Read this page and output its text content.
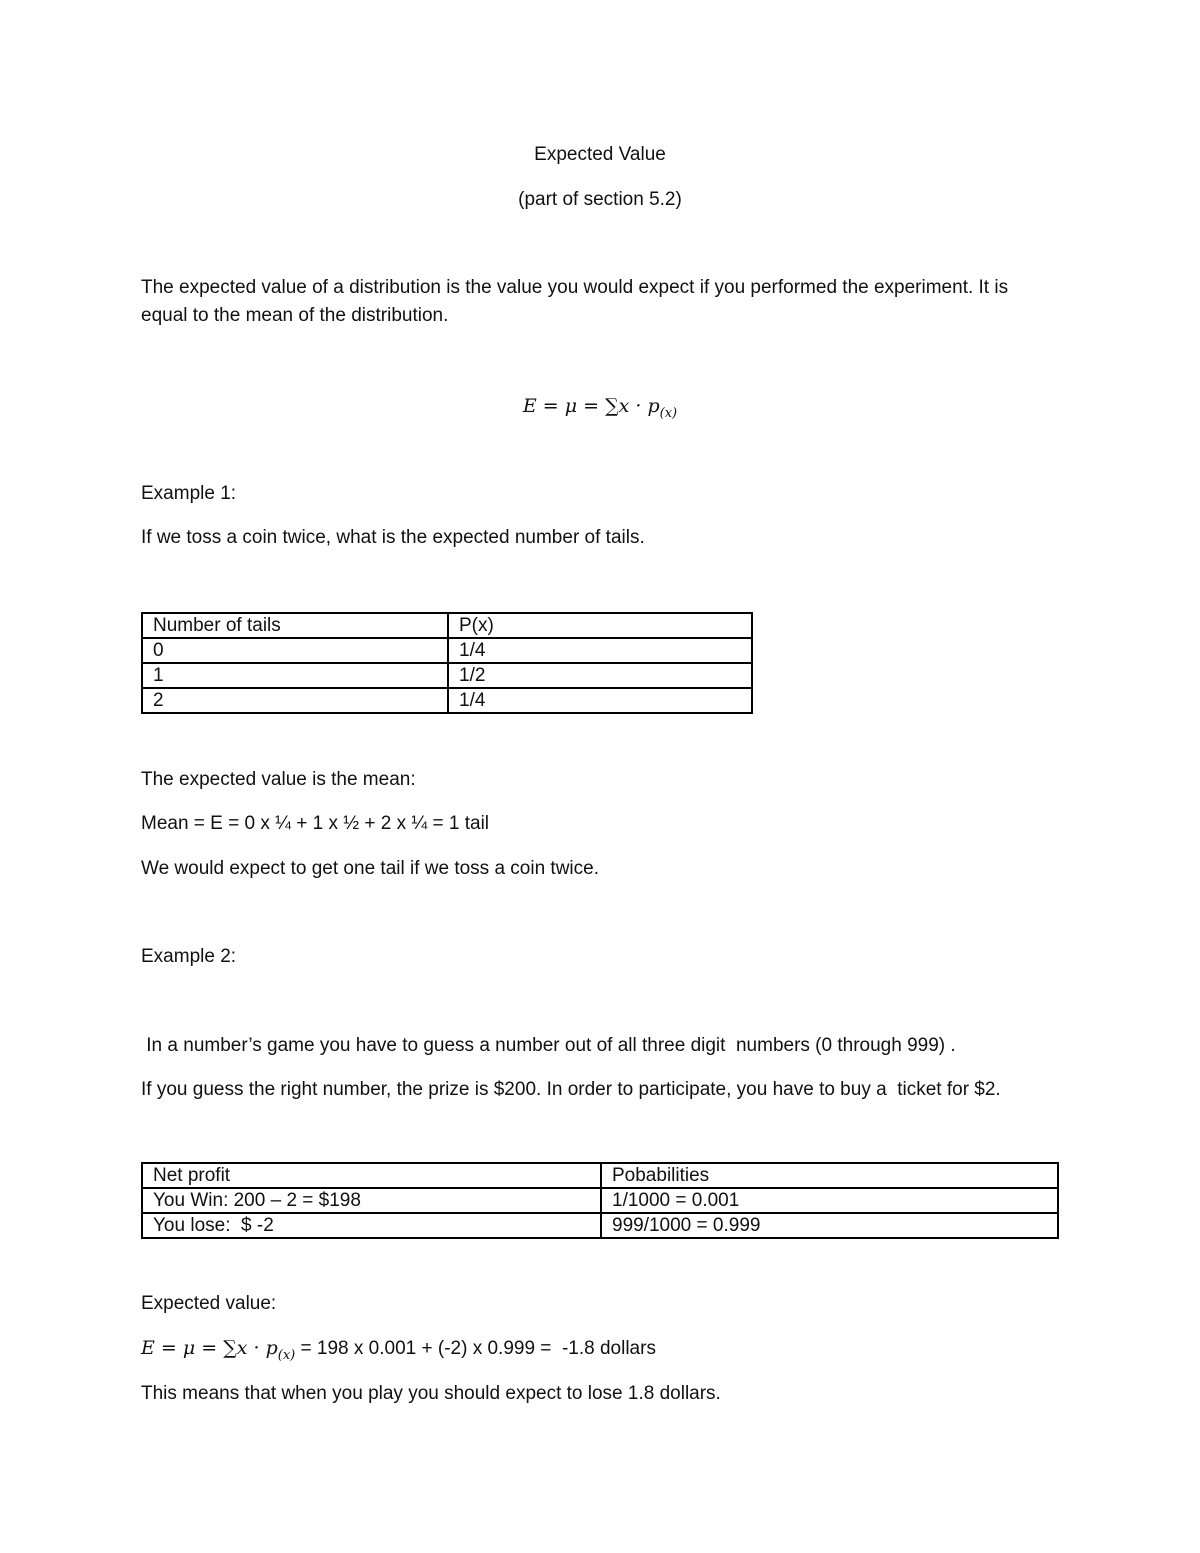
Expected Value
(part of section 5.2)
The expected value of a distribution is the value you would expect if you performed the experiment. It is
equal to the mean of the distribution.
$E = \mu = \sum x \cdot p_{(x)}$
Example 1:
If we toss a coin twice, what is the expected number of tails.
Number of tails	P(x)
0	1/4
1	1/2
2	1/4
The expected value is the mean:
Mean = E = 0 x ¼ + 1 x ½ + 2 x ¼ = 1 tail
We would expect to get one tail if we toss a coin twice.
Example 2:
In a number’s game you have to guess a number out of all three digit  numbers (0 through 999) .
If you guess the right number, the prize is $200. In order to participate, you have to buy a  ticket for $2.
Net profit	Pobabilities
You Win: 200 – 2 = $198	1/1000 = 0.001
You lose:  $ -2	999/1000 = 0.999
Expected value:
$E = \mu = \sum x \cdot p_{(x)} = 198$ x 0.001 + (-2) x 0.999 =  -1.8 dollars
This means that when you play you should expect to lose 1.8 dollars.
